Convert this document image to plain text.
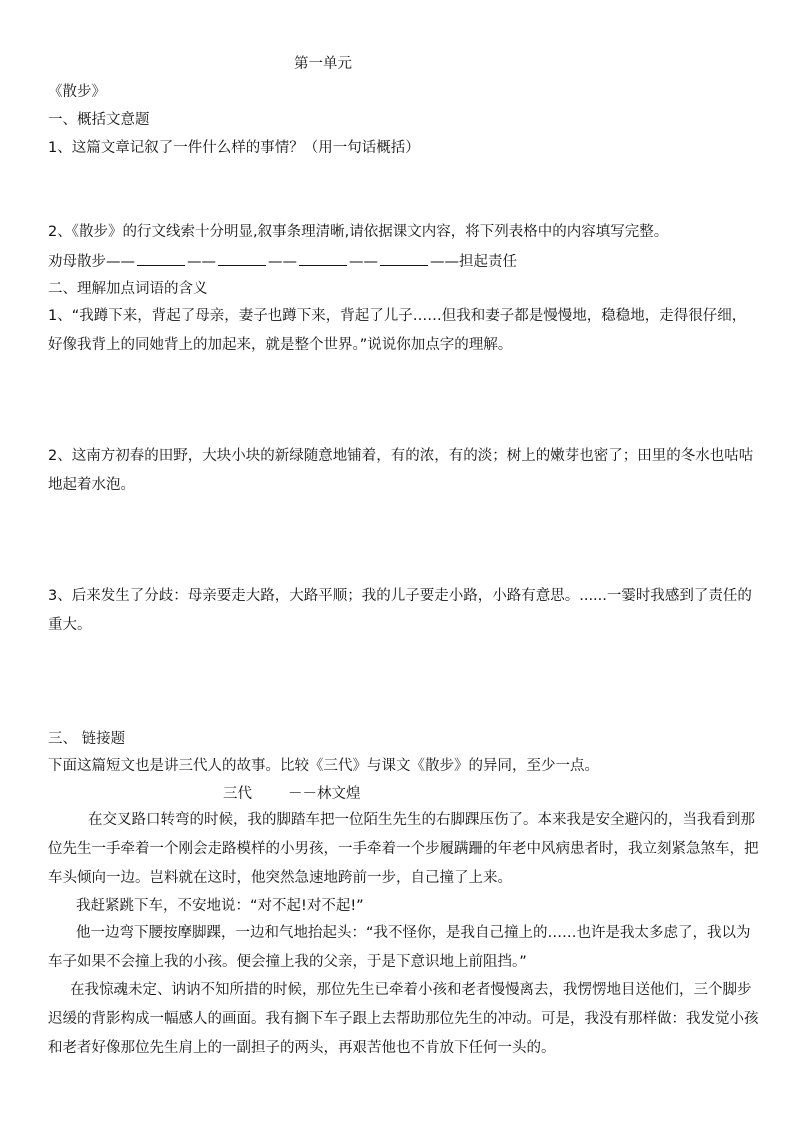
第一单元
《散步》
一、概括文意题
1、这篇文章记叙了一件什么样的事情？（用一句话概括）
2、《散步》的行文线索十分明显,叙事条理清晰,请依据课文内容，将下列表格中的内容填写完整。
劝母散步——	——	——	——	——担起责任
二、理解加点词语的含义
1、“我蹲下来，背起了母亲，妻子也蹲下来，背起了儿子……但我和妻子都是慢慢地，稳稳地，走得很仔细，好像我背上的同她背上的加起来，就是整个世界。”说说你加点字的理解。
2、这南方初春的田野，大块小块的新绿随意地铺着，有的浓，有的淡；树上的嫩芽也密了；田里的冬水也咕咕地起着水泡。
3、后来发生了分歧：母亲要走大路，大路平顺；我的儿子要走小路，小路有意思。......一霎时我感到了责任的重大。
三、 链接题
下面这篇短文也是讲三代人的故事。比较《三代》与课文《散步》的异同，至少一点。
三代 －－林文煌
在交叉路口转弯的时候，我的脚踏车把一位陌生先生的右脚踝压伤了。本来我是安全避闪的，当我看到那位先生一手牵着一个刚会走路模样的小男孩，一手牵着一个步履蹒跚的年老中风病患者时，我立刻紧急煞车，把车头倾向一边。岂料就在这时，他突然急速地跨前一步，自己撞了上来。
我赶紧跳下车，不安地说：“对不起!对不起!”
他一边弯下腰按摩脚踝，一边和气地抬起头：“我不怪你，是我自己撞上的……也许是我太多虑了，我以为车子如果不会撞上我的小孩。便会撞上我的父亲，于是下意识地上前阻挡。”
在我惊魂未定、讷讷不知所措的时候，那位先生已牵着小孩和老者慢慢离去，我愣愣地目送他们，三个脚步迟缓的背影构成一幅感人的画面。我有搁下车子跟上去帮助那位先生的冲动。可是，我没有那样做：我发觉小孩和老者好像那位先生肩上的一副担子的两头，再艰苦他也不肯放下任何一头的。
